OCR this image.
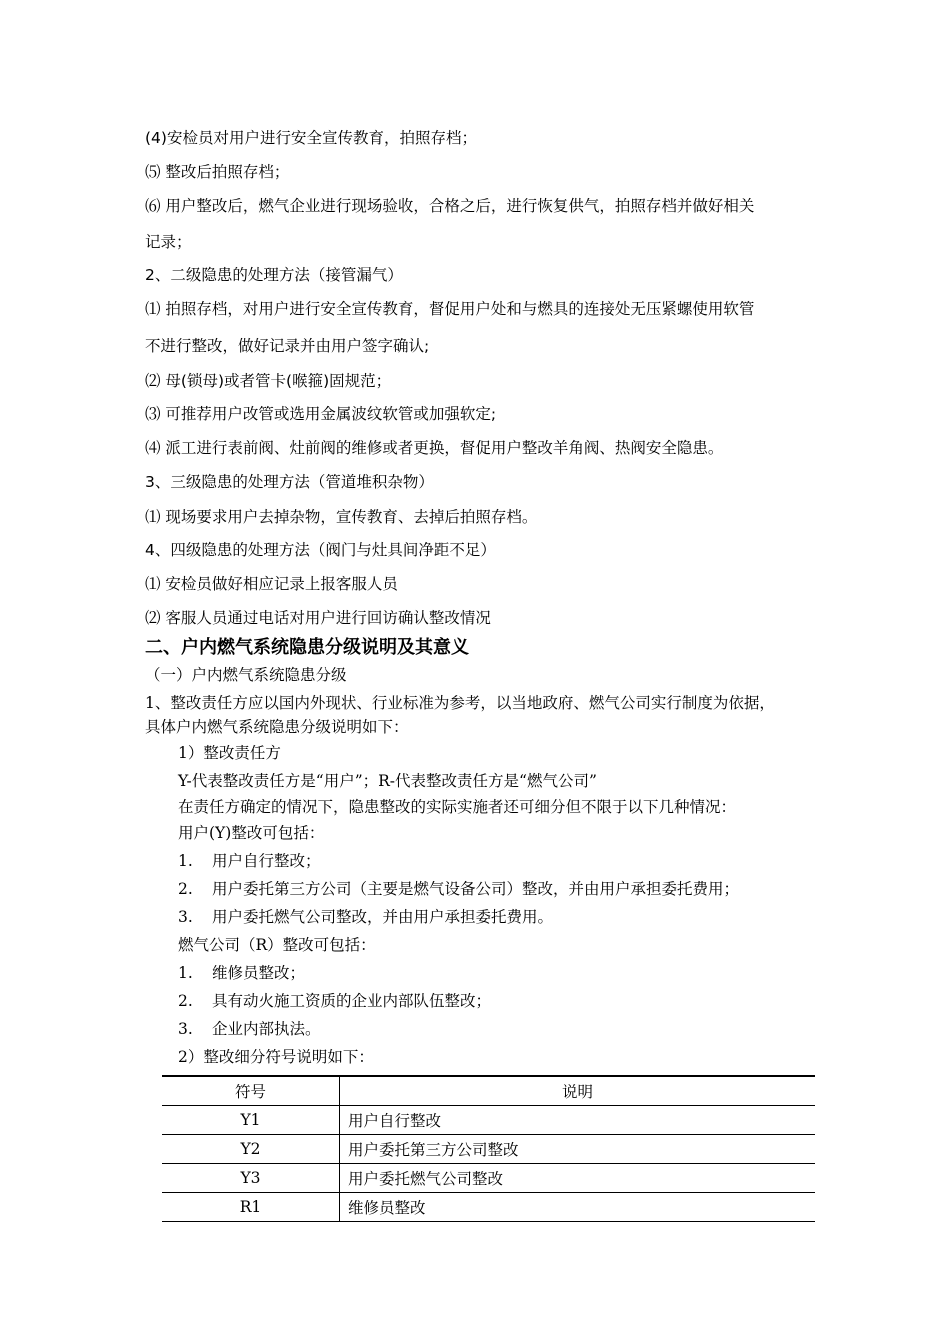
(4)安检员对用户进行安全宣传教育，拍照存档；
⑸ 整改后拍照存档；
⑹ 用户整改后，燃气企业进行现场验收，合格之后，进行恢复供气，拍照存档并做好相关
记录；
2、二级隐患的处理方法（接管漏气）
⑴ 拍照存档，对用户进行安全宣传教育，督促用户处和与燃具的连接处无压紧螺使用软管
不进行整改，做好记录并由用户签字确认;
⑵ 母(锁母)或者管卡(喉箍)固规范；
⑶ 可推荐用户改管或选用金属波纹软管或加强软定;
⑷ 派工进行表前阀、灶前阀的维修或者更换，督促用户整改羊角阀、热阀安全隐患。
3、三级隐患的处理方法（管道堆积杂物）
⑴ 现场要求用户去掉杂物，宣传教育、去掉后拍照存档。
4、四级隐患的处理方法（阀门与灶具间净距不足）
⑴ 安检员做好相应记录上报客服人员
⑵ 客服人员通过电话对用户进行回访确认整改情况
二、户内燃气系统隐患分级说明及其意义
（一）户内燃气系统隐患分级
1、整改责任方应以国内外现状、行业标准为参考，以当地政府、燃气公司实行制度为依据，
具体户内燃气系统隐患分级说明如下：
1）整改责任方
Y-代表整改责任方是“用户”；R-代表整改责任方是“燃气公司”
在责任方确定的情况下，隐患整改的实际实施者还可细分但不限于以下几种情况：
用户(Y)整改可包括：
1. 用户自行整改；
2. 用户委托第三方公司（主要是燃气设备公司）整改，并由用户承担委托费用；
3. 用户委托燃气公司整改，并由用户承担委托费用。
燃气公司（R）整改可包括：
1. 维修员整改；
2. 具有动火施工资质的企业内部队伍整改；
3. 企业内部执法。
2）整改细分符号说明如下：
符号	说明
Y1	用户自行整改
Y2	用户委托第三方公司整改
Y3	用户委托燃气公司整改
R1	维修员整改
